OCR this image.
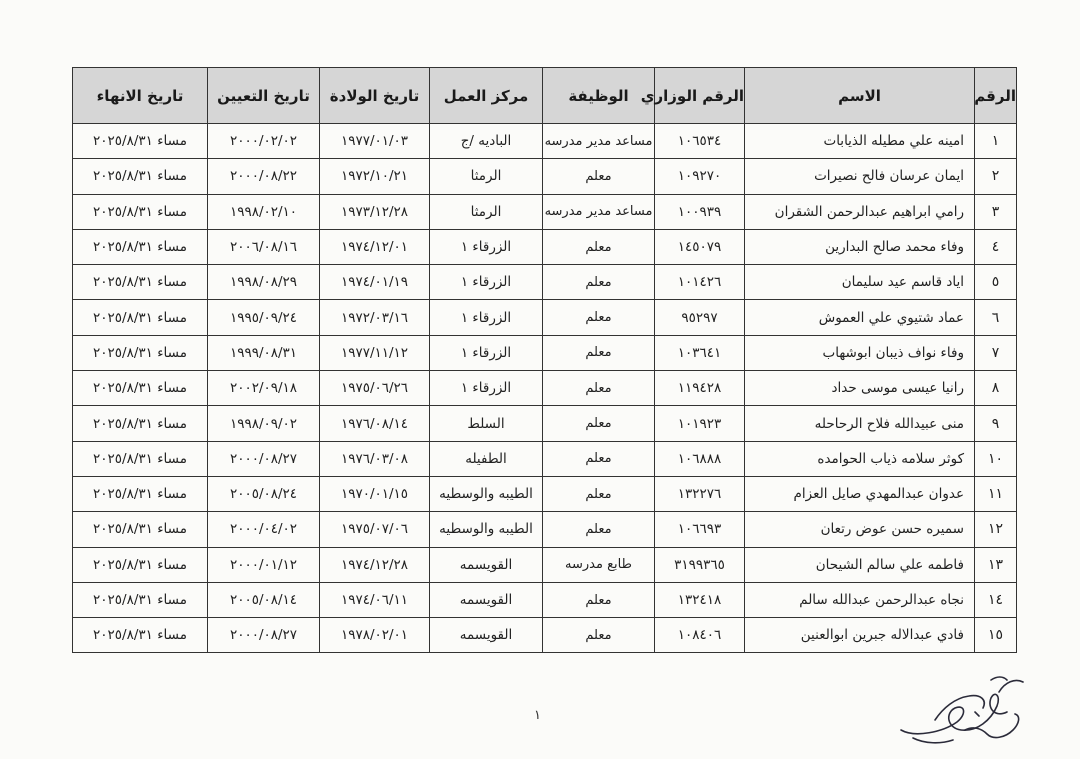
الرقم	الاسم	الرقم الوزاري	الوظيفة	مركز العمل	تاريخ الولادة	تاريخ التعيين	تاريخ الانهاء
١	امينه علي مطيله الذيابات	١٠٦٥٣٤	مساعد مدير مدرسه	الباديه /ج	١٩٧٧/٠١/٠٣	٢٠٠٠/٠٢/٠٢	مساء ٢٠٢٥/٨/٣١
٢	ايمان عرسان فالح نصيرات	١٠٩٢٧٠	معلم	الرمثا	١٩٧٢/١٠/٢١	٢٠٠٠/٠٨/٢٢	مساء ٢٠٢٥/٨/٣١
٣	رامي ابراهيم عبدالرحمن الشقران	١٠٠٩٣٩	مساعد مدير مدرسه	الرمثا	١٩٧٣/١٢/٢٨	١٩٩٨/٠٢/١٠	مساء ٢٠٢٥/٨/٣١
٤	وفاء محمد صالح البدارين	١٤٥٠٧٩	معلم	الزرقاء ١	١٩٧٤/١٢/٠١	٢٠٠٦/٠٨/١٦	مساء ٢٠٢٥/٨/٣١
٥	اياد قاسم عيد سليمان	١٠١٤٢٦	معلم	الزرقاء ١	١٩٧٤/٠١/١٩	١٩٩٨/٠٨/٢٩	مساء ٢٠٢٥/٨/٣١
٦	عماد شتيوي علي العموش	٩٥٢٩٧	معلم	الزرقاء ١	١٩٧٢/٠٣/١٦	١٩٩٥/٠٩/٢٤	مساء ٢٠٢٥/٨/٣١
٧	وفاء نواف ذيبان ابوشهاب	١٠٣٦٤١	معلم	الزرقاء ١	١٩٧٧/١١/١٢	١٩٩٩/٠٨/٣١	مساء ٢٠٢٥/٨/٣١
٨	رانيا عيسى موسى حداد	١١٩٤٢٨	معلم	الزرقاء ١	١٩٧٥/٠٦/٢٦	٢٠٠٢/٠٩/١٨	مساء ٢٠٢٥/٨/٣١
٩	منى عبيدالله فلاح الرحاحله	١٠١٩٢٣	معلم	السلط	١٩٧٦/٠٨/١٤	١٩٩٨/٠٩/٠٢	مساء ٢٠٢٥/٨/٣١
١٠	كوثر سلامه ذياب الحوامده	١٠٦٨٨٨	معلم	الطفيله	١٩٧٦/٠٣/٠٨	٢٠٠٠/٠٨/٢٧	مساء ٢٠٢٥/٨/٣١
١١	عدوان عبدالمهدي صايل العزام	١٣٢٢٧٦	معلم	الطيبه والوسطيه	١٩٧٠/٠١/١٥	٢٠٠٥/٠٨/٢٤	مساء ٢٠٢٥/٨/٣١
١٢	سميره حسن عوض رتعان	١٠٦٦٩٣	معلم	الطيبه والوسطيه	١٩٧٥/٠٧/٠٦	٢٠٠٠/٠٤/٠٢	مساء ٢٠٢٥/٨/٣١
١٣	فاطمه علي سالم الشيحان	٣١٩٩٣٦٥	طابع مدرسه	القويسمه	١٩٧٤/١٢/٢٨	٢٠٠٠/٠١/١٢	مساء ٢٠٢٥/٨/٣١
١٤	نجاه عبدالرحمن عبدالله سالم	١٣٢٤١٨	معلم	القويسمه	١٩٧٤/٠٦/١١	٢٠٠٥/٠٨/١٤	مساء ٢٠٢٥/٨/٣١
١٥	فادي عبدالاله جبرين ابوالعنين	١٠٨٤٠٦	معلم	القويسمه	١٩٧٨/٠٢/٠١	٢٠٠٠/٠٨/٢٧	مساء ٢٠٢٥/٨/٣١
١
